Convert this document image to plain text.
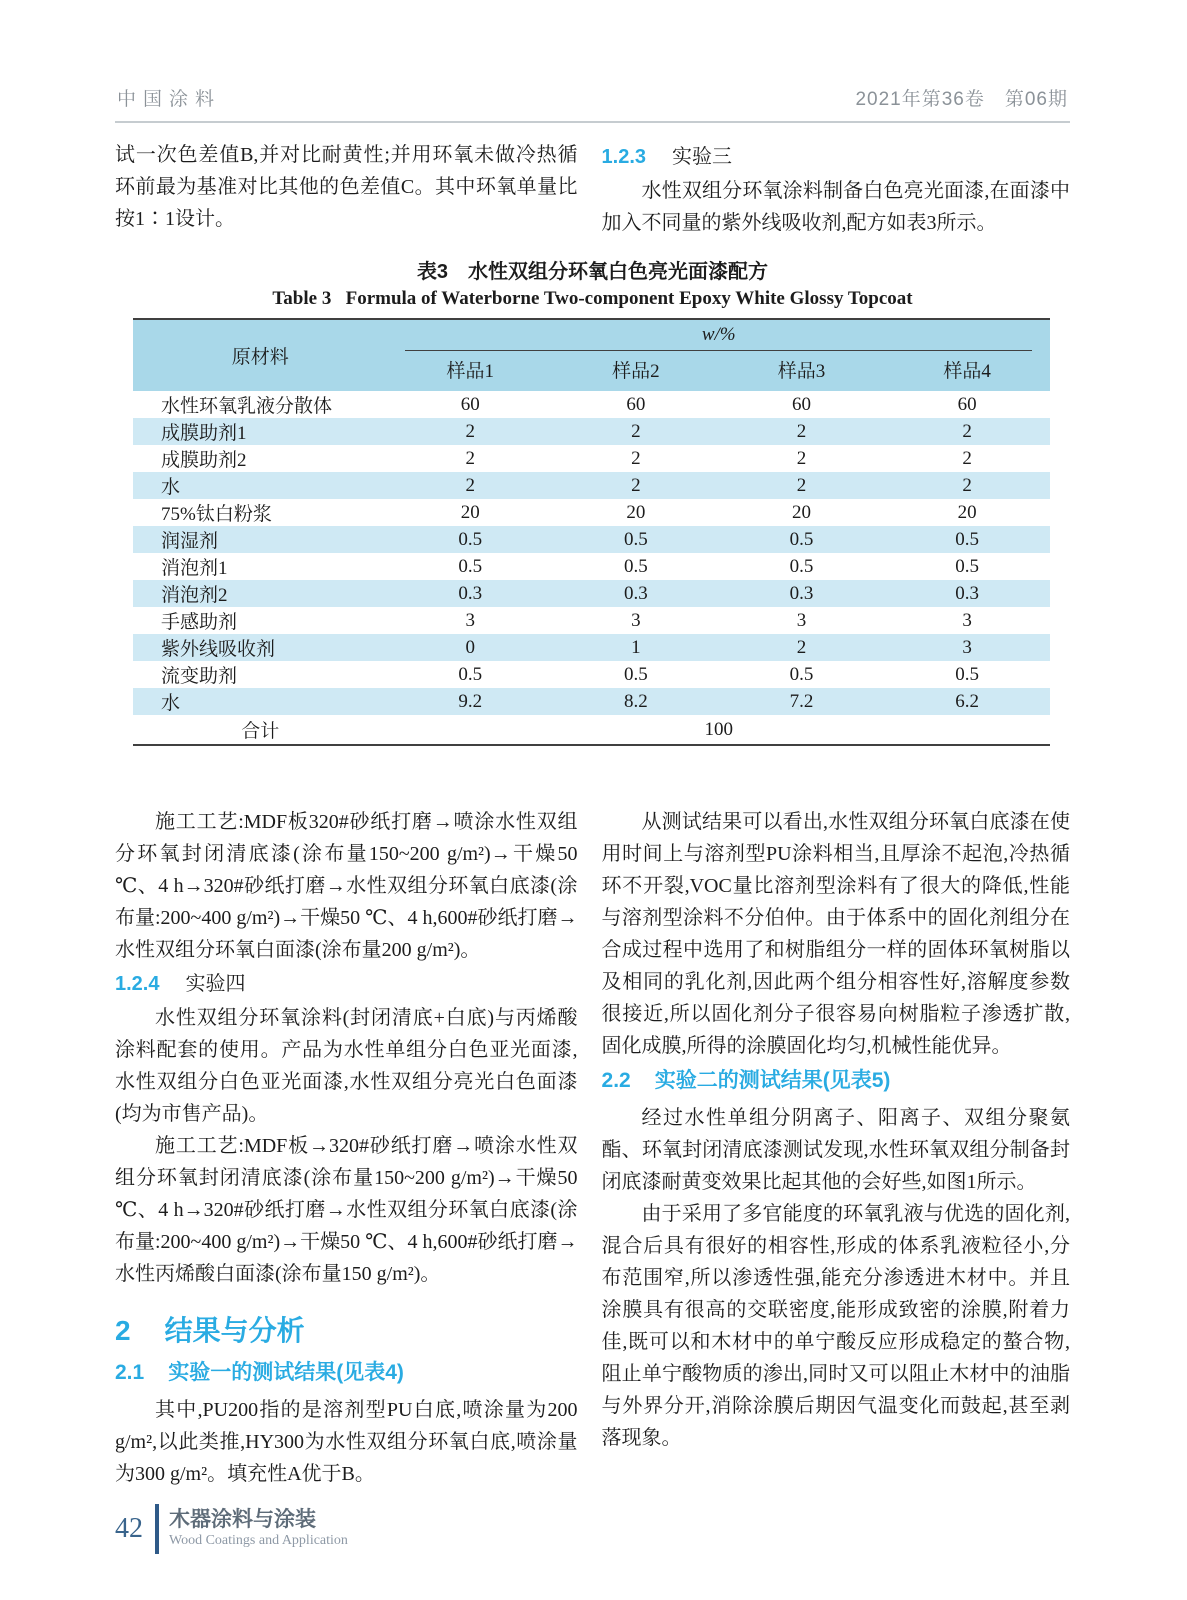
中国涂料	2021年第36卷　第06期

试一次色差值B,并对比耐黄性;并用环氧未做冷热循环前最为基准对比其他的色差值C。其中环氧单量比按1∶1设计。

1.2.3 实验三

水性双组分环氧涂料制备白色亮光面漆,在面漆中加入不同量的紫外线吸收剂,配方如表3所示。

表3　水性双组分环氧白色亮光面漆配方
Table 3   Formula of Waterborne Two-component Epoxy White Glossy Topcoat
原材料	w/%			

	样品1	样品2	样品3	样品4
水性环氧乳液分散体	60	60	60	60
成膜助剂1	2	2	2	2
成膜助剂2	2	2	2	2
水	2	2	2	2
75%钛白粉浆	20	20	20	20
润湿剂	0.5	0.5	0.5	0.5
消泡剂1	0.5	0.5	0.5	0.5
消泡剂2	0.3	0.3	0.3	0.3
手感助剂	3	3	3	3
紫外线吸收剂	0	1	2	3
流变助剂	0.5	0.5	0.5	0.5
水	9.2	8.2	7.2	6.2
合计	100			

施工工艺:MDF板320#砂纸打磨→喷涂水性双组分环氧封闭清底漆(涂布量150~200 g/m²)→干燥50 ℃、4 h→320#砂纸打磨→水性双组分环氧白底漆(涂布量:200~400 g/m²)→干燥50 ℃、4 h,600#砂纸打磨→水性双组分环氧白面漆(涂布量200 g/m²)。

1.2.4 实验四

水性双组分环氧涂料(封闭清底+白底)与丙烯酸涂料配套的使用。产品为水性单组分白色亚光面漆,水性双组分白色亚光面漆,水性双组分亮光白色面漆(均为市售产品)。

施工工艺:MDF板→320#砂纸打磨→喷涂水性双组分环氧封闭清底漆(涂布量150~200 g/m²)→干燥50 ℃、4 h→320#砂纸打磨→水性双组分环氧白底漆(涂布量:200~400 g/m²)→干燥50 ℃、4 h,600#砂纸打磨→水性丙烯酸白面漆(涂布量150 g/m²)。

2 结果与分析
2.1 实验一的测试结果(见表4)

其中,PU200指的是溶剂型PU白底,喷涂量为200 g/m²,以此类推,HY300为水性双组分环氧白底,喷涂量为300 g/m²。填充性A优于B。

从测试结果可以看出,水性双组分环氧白底漆在使用时间上与溶剂型PU涂料相当,且厚涂不起泡,冷热循环不开裂,VOC量比溶剂型涂料有了很大的降低,性能与溶剂型涂料不分伯仲。由于体系中的固化剂组分在合成过程中选用了和树脂组分一样的固体环氧树脂以及相同的乳化剂,因此两个组分相容性好,溶解度参数很接近,所以固化剂分子很容易向树脂粒子渗透扩散,固化成膜,所得的涂膜固化均匀,机械性能优异。

2.2 实验二的测试结果(见表5)

经过水性单组分阴离子、阳离子、双组分聚氨酯、环氧封闭清底漆测试发现,水性环氧双组分制备封闭底漆耐黄变效果比起其他的会好些,如图1所示。

由于采用了多官能度的环氧乳液与优选的固化剂,混合后具有很好的相容性,形成的体系乳液粒径小,分布范围窄,所以渗透性强,能充分渗透进木材中。并且涂膜具有很高的交联密度,能形成致密的涂膜,附着力佳,既可以和木材中的单宁酸反应形成稳定的螯合物,阻止单宁酸物质的渗出,同时又可以阻止木材中的油脂与外界分开,消除涂膜后期因气温变化而鼓起,甚至剥落现象。

42 木器涂料与涂装
Wood Coatings and Application
